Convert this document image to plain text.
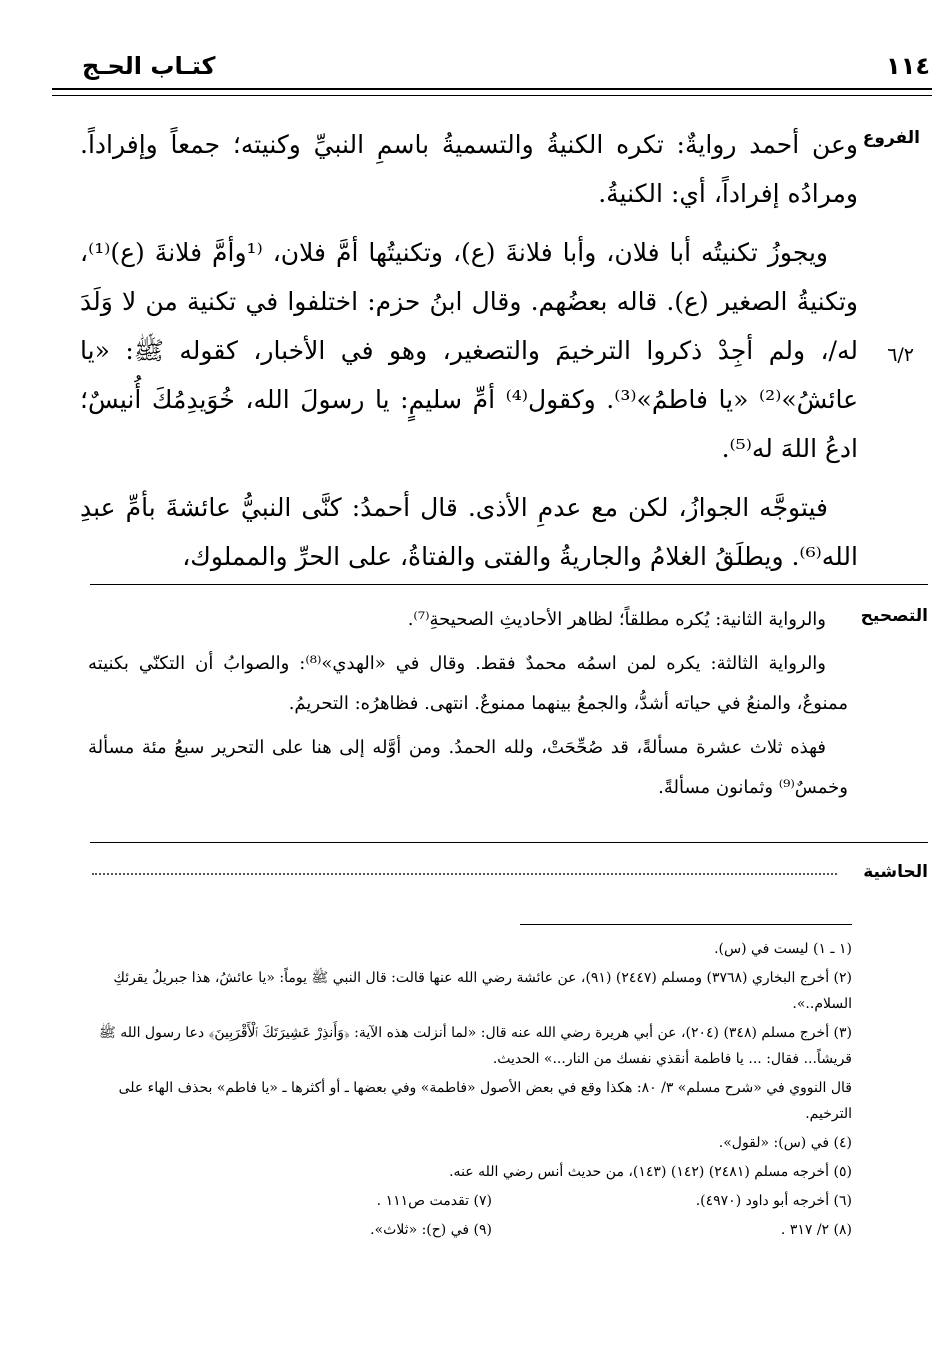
١١٤
كتـاب الحـج
الفروع
٦/٢

وعن أحمد روايةٌ: تكره الكنيةُ والتسميةُ باسمِ النبيِّ وكنيته؛ جمعاً وإفراداً. ومرادُه إفراداً، أي: الكنيةُ.

ويجوزُ تكنيتُه أبا فلان، وأبا فلانةَ (ع)، وتكنيتُها أمَّ فلان، ⁽¹وأمَّ فلانةَ (ع)⁽¹⁾، وتكنيةُ الصغير (ع). قاله بعضُهم. وقال ابنُ حزم: اختلفوا في تكنية من لا وَلَدَ له/، ولم أجِدْ ذكروا الترخيمَ والتصغير، وهو في الأخبار، كقوله ﷺ: «يا عائشُ»⁽²⁾ «يا فاطمُ»⁽³⁾. وكقول⁽⁴⁾ أمِّ سليمٍ: يا رسولَ الله، خُوَيدِمُكَ أُنيسٌ؛ ادعُ اللهَ له⁽⁵⁾.

فيتوجَّه الجوازُ، لكن مع عدمِ الأذى. قال أحمدُ: كنَّى النبيُّ عائشةَ بأمِّ عبدِ الله⁽⁶⁾. ويطلَقُ الغلامُ والجاريةُ والفتى والفتاةُ، على الحرِّ والمملوك،

التصحيح

والرواية الثانية: يُكره مطلقاً؛ لظاهر الأحاديثِ الصحيحةِ⁽⁷⁾.

والرواية الثالثة: يكره لمن اسمُه محمدٌ فقط. وقال في «الهدي»⁽⁸⁾: والصوابُ أن التكنّي بكنيته ممنوعٌ، والمنعُ في حياته أشدُّ، والجمعُ بينهما ممنوعٌ. انتهى. فظاهرُه: التحريمُ.

فهذه ثلاث عشرة مسألةً، قد صُحِّحَتْ، ولله الحمدُ. ومن أوَّله إلى هنا على التحرير سبعُ مئة مسألة وخمسٌ⁽⁹⁾ وثمانون مسألةً.

الحاشية
(١ ـ ١) ليست في (س).
(٢) أخرج البخاري (٣٧٦٨) ومسلم (٢٤٤٧) (٩١)، عن عائشة رضي الله عنها قالت: قال النبي ﷺ يوماً: «يا عائشُ، هذا جبريلُ يقرئكِ السلام..».
(٣) أخرج مسلم (٣٤٨) (٢٠٤)، عن أبي هريرة رضي الله عنه قال: «لما أنزلت هذه الآية: ﴿وَأَنذِرْ عَشِيرَتَكَ ٱلْأَقْرَبِينَ﴾ دعا رسول الله ﷺ قريشاً... فقال: ... يا فاطمة أنقذي نفسك من النار...» الحديث.
قال النووي في «شرح مسلم» ٣/ ٨٠: هكذا وقع في بعض الأصول «فاطمة» وفي بعضها ـ أو أكثرها ـ «يا فاطم» بحذف الهاء على الترخيم.
(٤) في (س): «لقول».
(٥) أخرجه مسلم (٢٤٨١) (١٤٢) (١٤٣)، من حديث أنس رضي الله عنه.
(٦) أخرجه أبو داود (٤٩٧٠).
(٧) تقدمت ص١١١ .
(٨) ٢/ ٣١٧ .
(٩) في (ح): «ثلاث».
